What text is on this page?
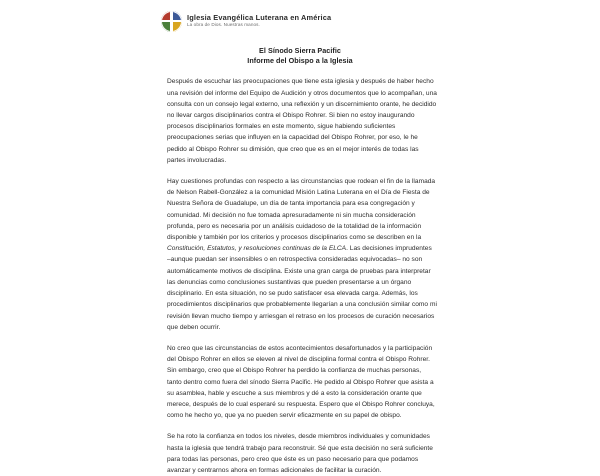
Iglesia Evangélica Luterana en América
La obra de Dios. Nuestras manos.
El Sínodo Sierra Pacific
Informe del Obispo a la Iglesia

Después de escuchar las preocupaciones que tiene esta iglesia y después de haber hecho una revisión del informe del Equipo de Audición y otros documentos que lo acompañan, una consulta con un consejo legal externo, una reflexión y un discernimiento orante, he decidido no llevar cargos disciplinarios contra el Obispo Rohrer. Si bien no estoy inaugurando procesos disciplinarios formales en este momento, sigue habiendo suficientes preocupaciones serias que influyen en la capacidad del Obispo Rohrer, por eso, le he pedido al Obispo Rohrer su dimisión, que creo que es en el mejor interés de todas las partes involucradas.

Hay cuestiones profundas con respecto a las circunstancias que rodean el fin de la llamada de Nelson Rabell-González a la comunidad Misión Latina Luterana en el Día de Fiesta de Nuestra Señora de Guadalupe, un día de tanta importancia para esa congregación y comunidad. Mi decisión no fue tomada apresuradamente ni sin mucha consideración profunda, pero es necesaria por un análisis cuidadoso de la totalidad de la información disponible y también por los criterios y procesos disciplinarios como se describen en la Constitución, Estatutos, y resoluciones continuas de la ELCA. Las decisiones imprudentes –aunque puedan ser insensibles o en retrospectiva consideradas equivocadas– no son automáticamente motivos de disciplina. Existe una gran carga de pruebas para interpretar las denuncias como conclusiones sustantivas que pueden presentarse a un órgano disciplinario. En esta situación, no se pudo satisfacer esa elevada carga. Además, los procedimientos disciplinarios que probablemente llegarían a una conclusión similar como mi revisión llevan mucho tiempo y arriesgan el retraso en los procesos de curación necesarios que deben ocurrir.

No creo que las circunstancias de estos acontecimientos desafortunados y la participación del Obispo Rohrer en ellos se eleven al nivel de disciplina formal contra el Obispo Rohrer. Sin embargo, creo que el Obispo Rohrer ha perdido la confianza de muchas personas, tanto dentro como fuera del sínodo Sierra Pacific. He pedido al Obispo Rohrer que asista a su asamblea, hable y escuche a sus miembros y dé a esto la consideración orante que merece, después de lo cual esperaré su respuesta. Espero que el Obispo Rohrer concluya, como he hecho yo, que ya no pueden servir eficazmente en su papel de obispo.

Se ha roto la confianza en todos los niveles, desde miembros individuales y comunidades hasta la iglesia que tendrá trabajo para reconstruir. Sé que esta decisión no será suficiente para todas las personas, pero creo que éste es un paso necesario para que podamos avanzar y centrarnos ahora en formas adicionales de facilitar la curación.
